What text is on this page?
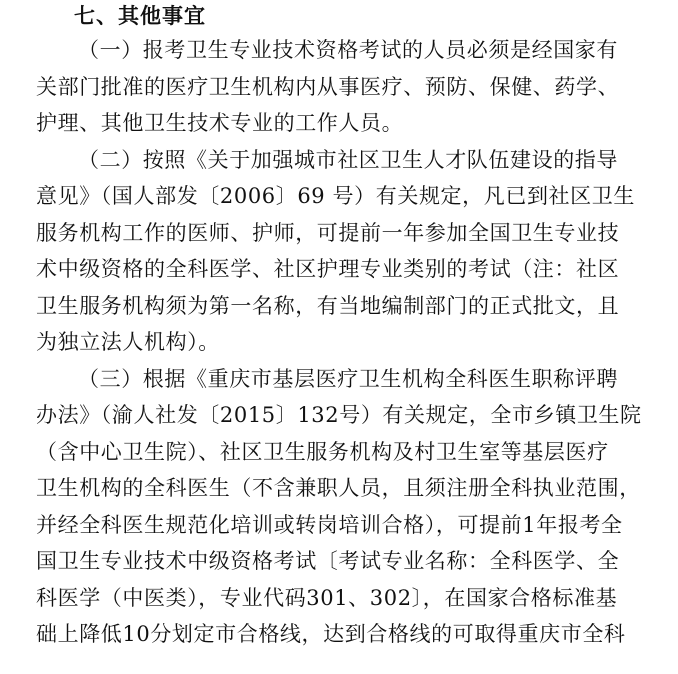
七、其他事宜
（一）报考卫生专业技术资格考试的人员必须是经国家有
关部门批准的医疗卫生机构内从事医疗、预防、保健、药学、
护理、其他卫生技术专业的工作人员。
（二）按照《关于加强城市社区卫生人才队伍建设的指导
意见》（国人部发〔2006〕69 号）有关规定，凡已到社区卫生
服务机构工作的医师、护师，可提前一年参加全国卫生专业技
术中级资格的全科医学、社区护理专业类别的考试（注：社区
卫生服务机构须为第一名称，有当地编制部门的正式批文，且
为独立法人机构）。
（三）根据《重庆市基层医疗卫生机构全科医生职称评聘
办法》（渝人社发〔2015〕132号）有关规定，全市乡镇卫生院
（含中心卫生院）、社区卫生服务机构及村卫生室等基层医疗
卫生机构的全科医生（不含兼职人员，且须注册全科执业范围，
并经全科医生规范化培训或转岗培训合格），可提前1年报考全
国卫生专业技术中级资格考试〔考试专业名称：全科医学、全
科医学（中医类），专业代码301、302〕，在国家合格标准基
础上降低10分划定市合格线，达到合格线的可取得重庆市全科
